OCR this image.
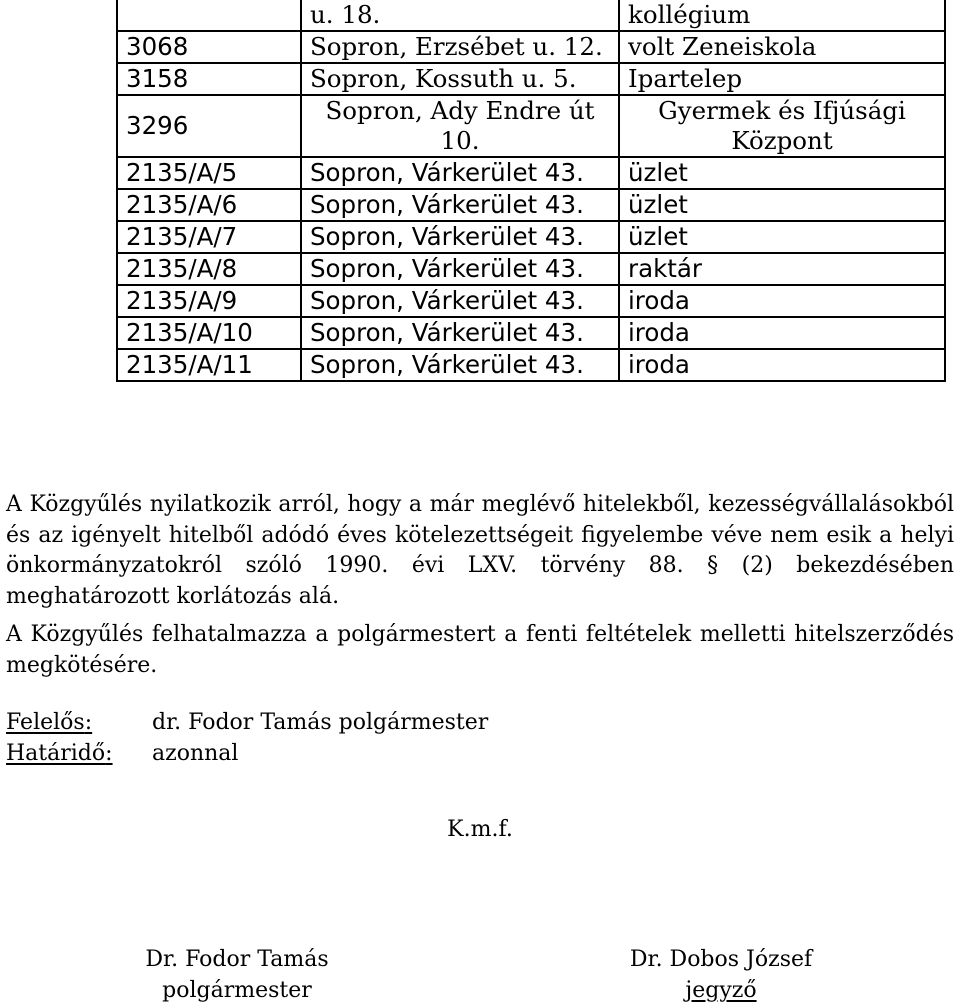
	u. 18.	kollégium
3068	Sopron, Erzsébet u. 12.	volt Zeneiskola
3158	Sopron, Kossuth u. 5.	Ipartelep
3296	Sopron, Ady Endre út 10.	Gyermek és Ifjúsági Központ
2135/A/5	Sopron, Várkerület 43.	üzlet
2135/A/6	Sopron, Várkerület 43.	üzlet
2135/A/7	Sopron, Várkerület 43.	üzlet
2135/A/8	Sopron, Várkerület 43.	raktár
2135/A/9	Sopron, Várkerület 43.	iroda
2135/A/10	Sopron, Várkerület 43.	iroda
2135/A/11	Sopron, Várkerület 43.	iroda

A Közgyűlés nyilatkozik arról, hogy a már meglévő hitelekből, kezességvállalásokból és az igényelt hitelből adódó éves kötelezettségeit figyelembe véve nem esik a helyi önkormányzatokról szóló 1990. évi LXV. törvény 88. § (2) bekezdésében meghatározott korlátozás alá.

A Közgyűlés felhatalmazza a polgármestert a fenti feltételek melletti hitelszerződés megkötésére.

Felelős:	dr. Fodor Tamás polgármester
Határidő: azonnal
K.m.f.
Dr. Fodor Tamás
polgármester
Dr. Dobos József
jegyző
